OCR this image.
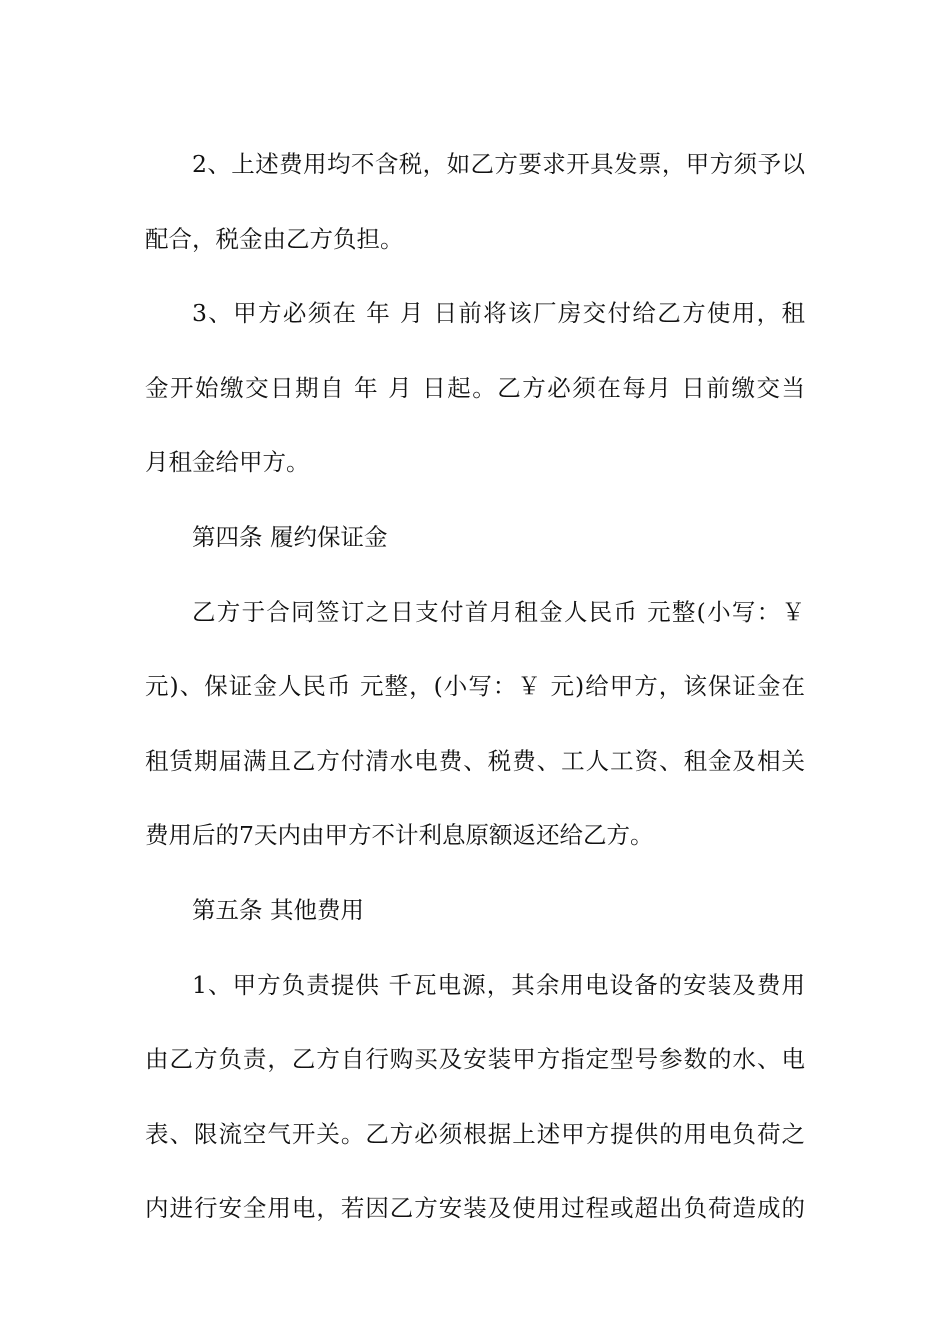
2、上述费用均不含税，如乙方要求开具发票，甲方须予以
配合，税金由乙方负担。
3、甲方必须在 年 月 日前将该厂房交付给乙方使用，租
金开始缴交日期自 年 月 日起。乙方必须在每月 日前缴交当
月租金给甲方。
第四条 履约保证金
乙方于合同签订之日支付首月租金人民币 元整(小写：￥
元)、保证金人民币 元整，(小写：￥ 元)给甲方，该保证金在
租赁期届满且乙方付清水电费、税费、工人工资、租金及相关
费用后的7天内由甲方不计利息原额返还给乙方。
第五条 其他费用
1、甲方负责提供 千瓦电源，其余用电设备的安装及费用
由乙方负责，乙方自行购买及安装甲方指定型号参数的水、电
表、限流空气开关。乙方必须根据上述甲方提供的用电负荷之
内进行安全用电，若因乙方安装及使用过程或超出负荷造成的
